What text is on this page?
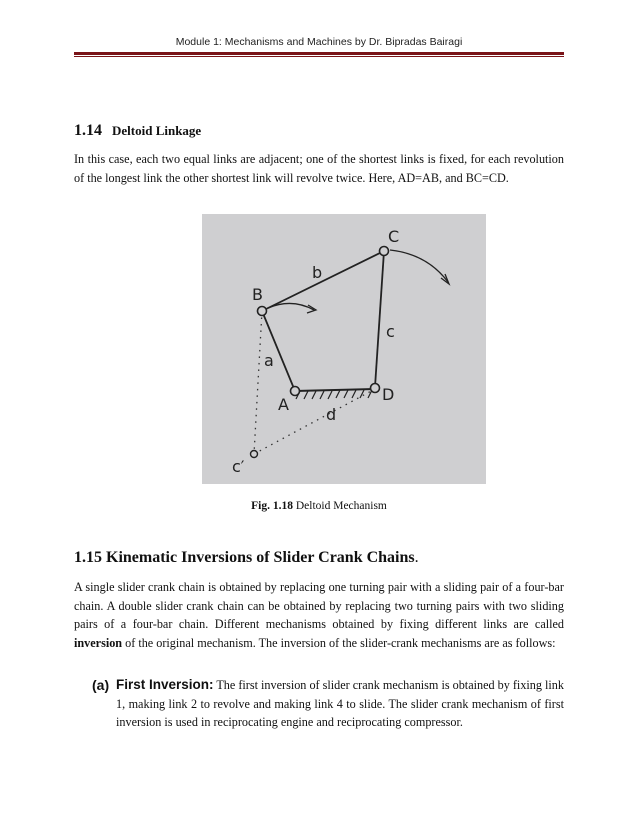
Module 1: Mechanisms and Machines by Dr. Bipradas Bairagi
1.14 Deltoid Linkage
In this case, each two equal links are adjacent; one of the shortest links is fixed, for each revolution of the longest link the other shortest link will revolve twice. Here, AD=AB, and BC=CD.
B
C
A
D
c′
a
b
c
d
Fig. 1.18 Deltoid Mechanism
1.15 Kinematic Inversions of Slider Crank Chains.
A single slider crank chain is obtained by replacing one turning pair with a sliding pair of a four-bar chain. A double slider crank chain can be obtained by replacing two turning pairs with two sliding pairs of a four-bar chain. Different mechanisms obtained by fixing different links are called inversion of the original mechanism. The inversion of the slider-crank mechanisms are as follows:
(a) First Inversion: The first inversion of slider crank mechanism is obtained by fixing link 1, making link 2 to revolve and making link 4 to slide. The slider crank mechanism of first inversion is used in reciprocating engine and reciprocating compressor.
